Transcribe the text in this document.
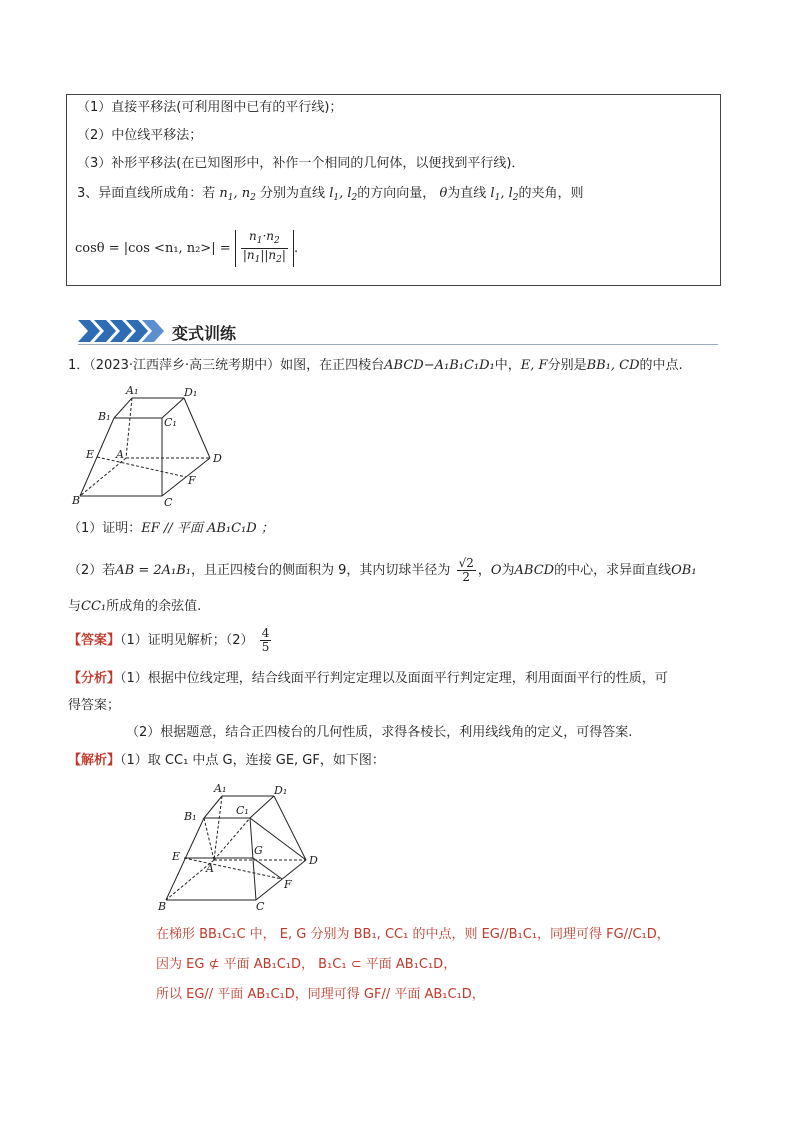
（1）直接平移法(可利用图中已有的平行线)；
（2）中位线平移法；
（3）补形平移法(在已知图形中，补作一个相同的几何体，以便找到平行线)．
3、异面直线所成角：若 $n_1$, $n_2$ 分别为直线 $l_1$, $l_2$的方向向量， θ为直线 $l_1$, $l_2$的夹角，则
cosθ = |cos <n₁, $n_2>| = \frac{n_1\cdot n_2}{|n_1||n_2|}$ .
变式训练
1．（2023·江西萍乡·高三统考期中）如图，在正四棱台ABCD−A₁B₁C₁D₁中，E, F分别是BB₁, CD的中点.
A₁	D₁
B₁	C₁
E A	D
F
B	C
（1）证明：EF // 平面 AB₁C₁D ；
（2）若AB = 2A₁B₁，且正四棱台的侧面积为 9，其内切球半径为 $\frac{√2}{2}$ ，O为ABCD的中心，求异面直线OB₁
与CC₁所成角的余弦值.
【答案】（1）证明见解析；$(2) \frac{4}{5}$
【分析】（1）根据中位线定理，结合线面平行判定定理以及面面平行判定定理，利用面面平行的性质，可
得答案；
（2）根据题意，结合正四棱台的几何性质，求得各棱长，利用线线角的定义，可得答案.
【解析】（1）取 CC₁ 中点 G，连接 GE, GF，如下图：
A₁	D₁
B₁	C₁
E	G
A
D
F
B	C
在梯形 BB₁C₁C 中， E, G 分别为 BB₁, CC₁ 的中点，则 EG//B₁C₁，同理可得 FG//C₁D，
因为 EG ⊄ 平面 AB₁C₁D， B₁C₁ ⊂ 平面 AB₁C₁D，
所以 EG// 平面 AB₁C₁D，同理可得 GF// 平面 AB₁C₁D，
